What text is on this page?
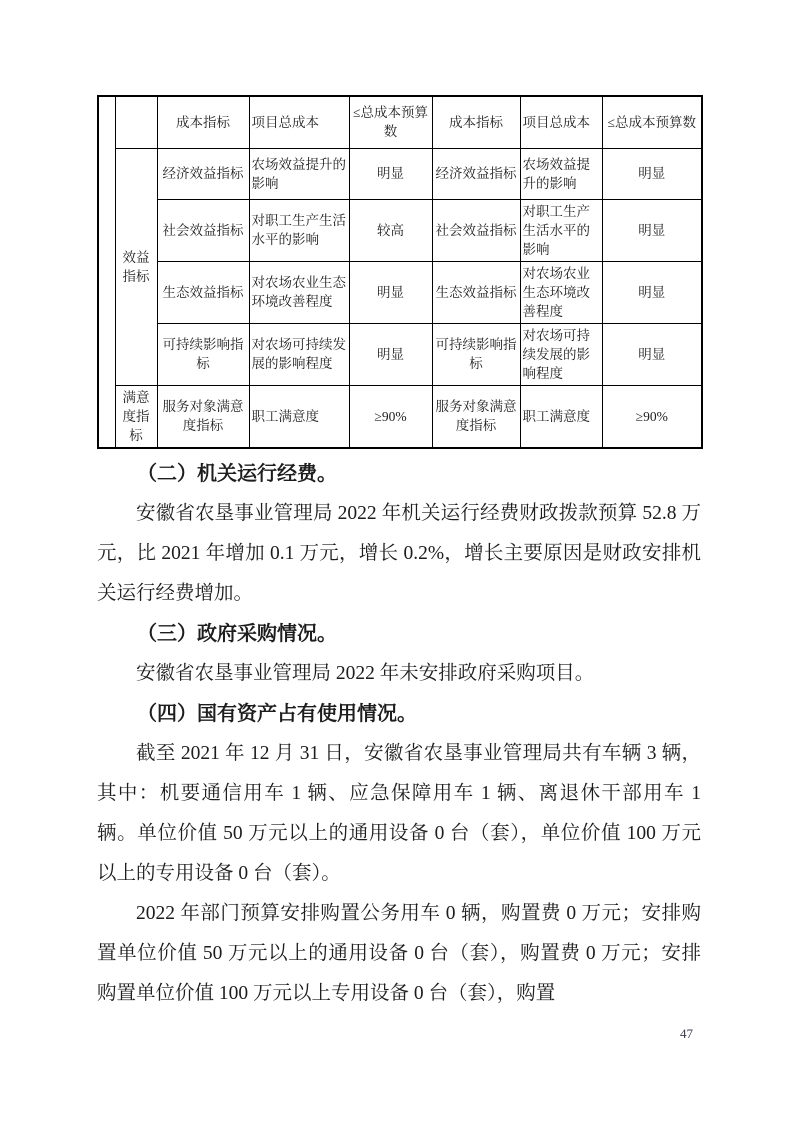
		成本指标	项目总成本	≤总成本预算数	成本指标	项目总成本	≤总成本预算数
	效益指标	经济效益指标	农场效益提升的影响	明显	经济效益指标	农场效益提升的影响	明显
		社会效益指标	对职工生产生活水平的影响	较高	社会效益指标	对职工生产生活水平的影响	明显
		生态效益指标	对农场农业生态环境改善程度	明显	生态效益指标	对农场农业生态环境改善程度	明显
		可持续影响指标	对农场可持续发展的影响程度	明显	可持续影响指标	对农场可持续发展的影响程度	明显
	满意度指标	服务对象满意度指标	职工满意度	≥90%	服务对象满意度指标	职工满意度	≥90%
（二）机关运行经费。

安徽省农垦事业管理局 2022 年机关运行经费财政拨款预算 52.8 万元，比 2021 年增加 0.1 万元，增长 0.2%，增长主要原因是财政安排机关运行经费增加。

（三）政府采购情况。

安徽省农垦事业管理局 2022 年未安排政府采购项目。

（四）国有资产占有使用情况。

截至 2021 年 12 月 31 日，安徽省农垦事业管理局共有车辆 3 辆，其中：机要通信用车 1 辆、应急保障用车 1 辆、离退休干部用车 1 辆。单位价值 50 万元以上的通用设备 0 台（套），单位价值 100 万元以上的专用设备 0 台（套）。

2022 年部门预算安排购置公务用车 0 辆，购置费 0 万元；安排购置单位价值 50 万元以上的通用设备 0 台（套），购置费 0 万元；安排购置单位价值 100 万元以上专用设备 0 台（套），购置

47
